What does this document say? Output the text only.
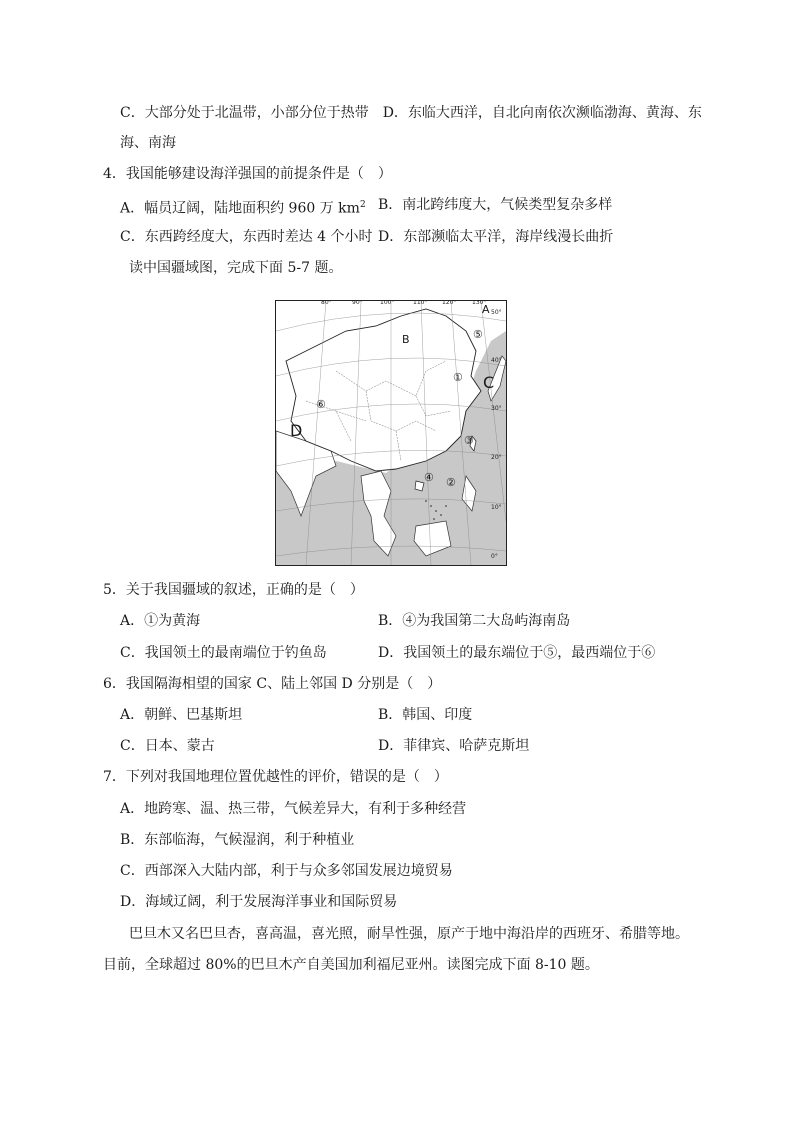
C．大部分处于北温带，小部分位于热带　D．东临大西洋，自北向南依次濒临渤海、黄海、东
海、南海
4．我国能够建设海洋强国的前提条件是（　）
A．幅员辽阔，陆地面积约 960 万 $km^2$ B．南北跨纬度大，气候类型复杂多样
C．东西跨经度大，东西时差达 4 个小时 D．东部濒临太平洋，海岸线漫长曲折
读中国疆域图，完成下面 5-7 题。
80°	90°	100°	110° 120°	130°
50°
40°
30°
20°
10°
0°
A
B
C
D
①
②
③
④
⑤
⑥
5．关于我国疆域的叙述，正确的是（　）
A．①为黄海	B．④为我国第二大岛屿海南岛
C．我国领土的最南端位于钓鱼岛	D．我国领土的最东端位于⑤，最西端位于⑥
6．我国隔海相望的国家 C、陆上邻国 D 分别是（　）
A．朝鲜、巴基斯坦	B．韩国、印度
C．日本、蒙古	D．菲律宾、哈萨克斯坦
7．下列对我国地理位置优越性的评价，错误的是（　）
A．地跨寒、温、热三带，气候差异大，有利于多种经营
B．东部临海，气候湿润，利于种植业
C．西部深入大陆内部，利于与众多邻国发展边境贸易
D．海域辽阔，利于发展海洋事业和国际贸易
巴旦木又名巴旦杏，喜高温，喜光照，耐旱性强，原产于地中海沿岸的西班牙、希腊等地。
目前，全球超过 80%的巴旦木产自美国加利福尼亚州。读图完成下面 8-10 题。
